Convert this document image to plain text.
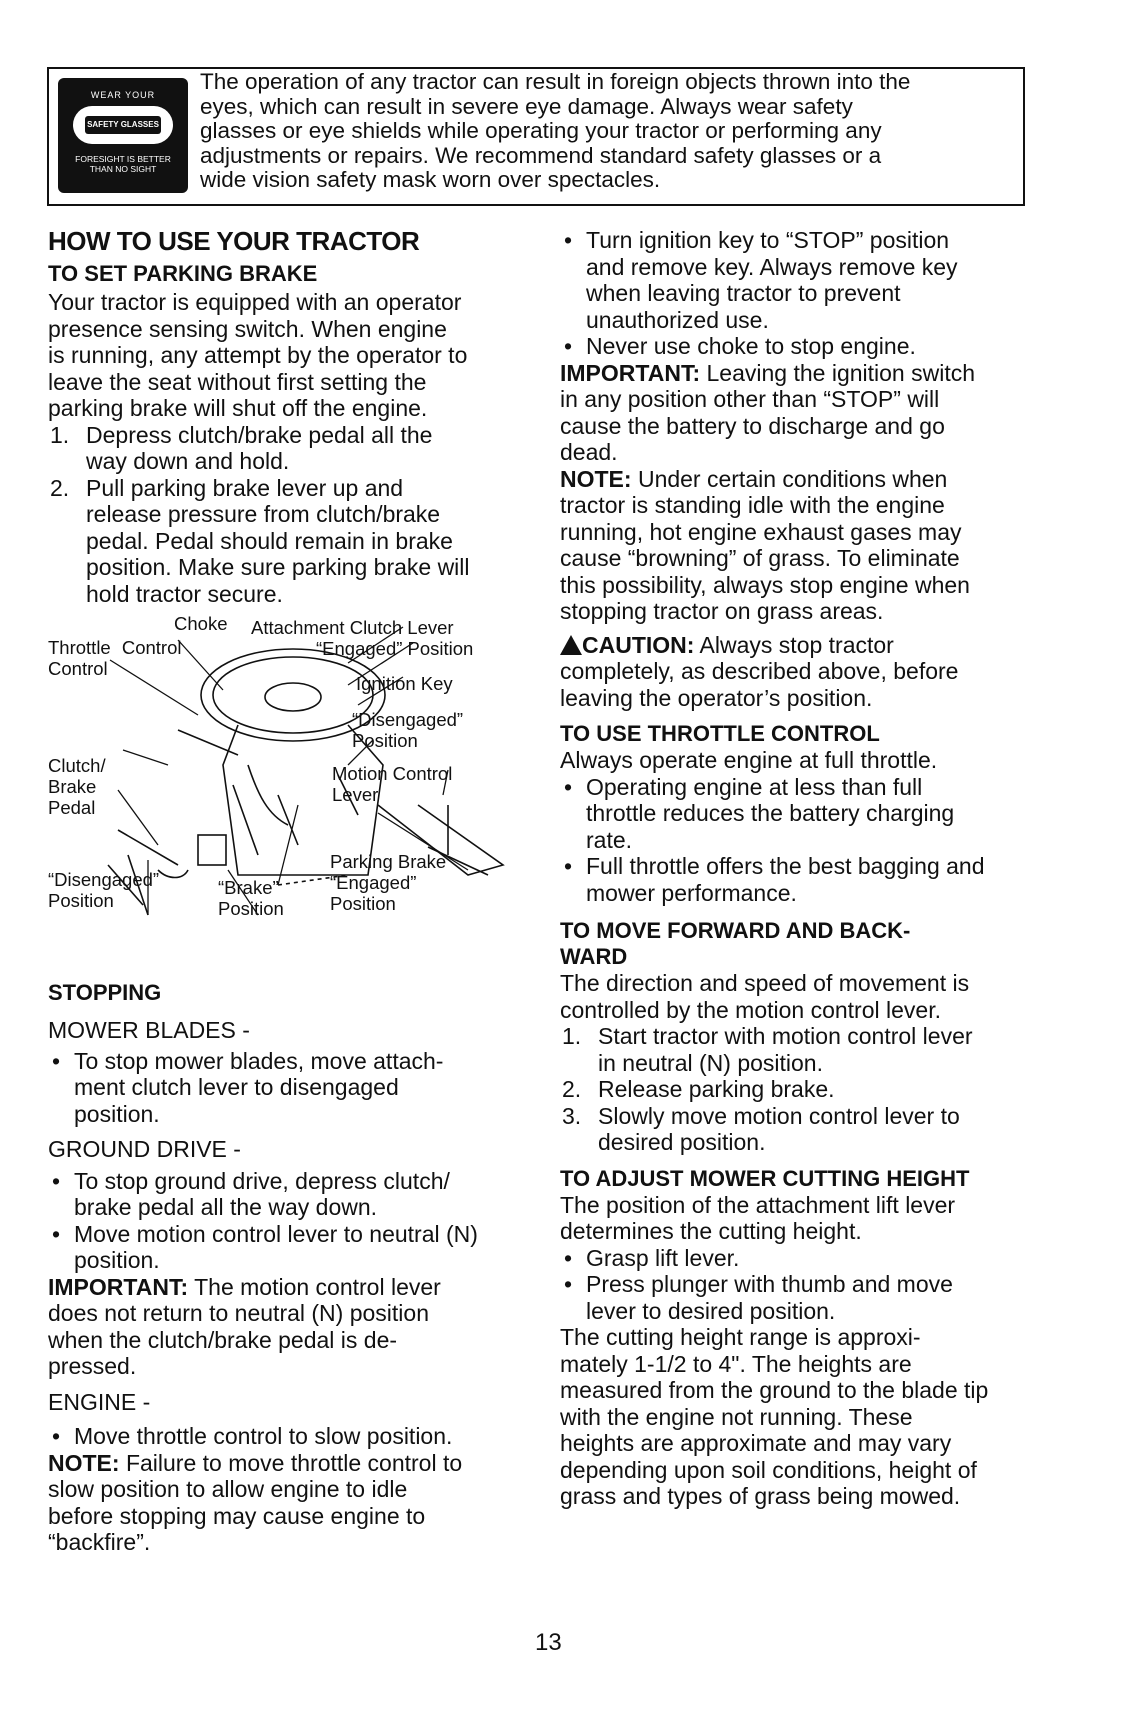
WEAR YOUR
SAFETY GLASSES
FORESIGHT IS BETTER
THAN NO SIGHT
The operation of any tractor can result in foreign objects thrown into the
eyes, which can result in severe eye damage. Always wear safety
glasses or eye shields while operating your tractor or performing any
adjustments or repairs. We recommend standard safety glasses or a
wide vision safety mask worn over spectacles.
HOW TO USE YOUR TRACTOR
TO SET PARKING BRAKE
Your tractor is equipped with an operator
presence sensing switch. When engine
is running, any attempt by the operator to
leave the seat without first setting the
parking brake will shut off the engine.
1. Depress clutch/brake pedal all the
way down and hold.
2. Pull parking brake lever up and
release pressure from clutch/brake
pedal. Pedal should remain in brake
position. Make sure parking brake will
hold tractor secure.
Choke
Throttle Control
Control
Attachment Clutch Lever
“Engaged” Position
Ignition Key
“Disengaged”
Position
Clutch/
Brake
Pedal
Motion Control
Lever
Parking Brake
“Engaged”
Position
“Disengaged”
Position
“Brake”
Position
STOPPING
MOWER BLADES -
• To stop mower blades, move attach-
ment clutch lever to disengaged
position.
GROUND DRIVE -
• To stop ground drive, depress clutch/
brake pedal all the way down.
• Move motion control lever to neutral (N)
position.
IMPORTANT: The motion control lever
does not return to neutral (N) position
when the clutch/brake pedal is de-
pressed.
ENGINE -
• Move throttle control to slow position.
NOTE: Failure to move throttle control to
slow position to allow engine to idle
before stopping may cause engine to
“backfire”.
• Turn ignition key to “STOP” position
and remove key. Always remove key
when leaving tractor to prevent
unauthorized use.
• Never use choke to stop engine.
IMPORTANT: Leaving the ignition switch
in any position other than “STOP” will
cause the battery to discharge and go
dead.
NOTE: Under certain conditions when
tractor is standing idle with the engine
running, hot engine exhaust gases may
cause “browning” of grass. To eliminate
this possibility, always stop engine when
stopping tractor on grass areas.
CAUTION: Always stop tractor
completely, as described above, before
leaving the operator’s position.
TO USE THROTTLE CONTROL
Always operate engine at full throttle.
• Operating engine at less than full
throttle reduces the battery charging
rate.
• Full throttle offers the best bagging and
mower performance.
TO MOVE FORWARD AND BACK-
WARD
The direction and speed of movement is
controlled by the motion control lever.
1. Start tractor with motion control lever
in neutral (N) position.
2. Release parking brake.
3. Slowly move motion control lever to
desired position.
TO ADJUST MOWER CUTTING HEIGHT
The position of the attachment lift lever
determines the cutting height.
• Grasp lift lever.
• Press plunger with thumb and move
lever to desired position.
The cutting height range is approxi-
mately 1-1/2 to 4". The heights are
measured from the ground to the blade tip
with the engine not running. These
heights are approximate and may vary
depending upon soil conditions, height of
grass and types of grass being mowed.
13
